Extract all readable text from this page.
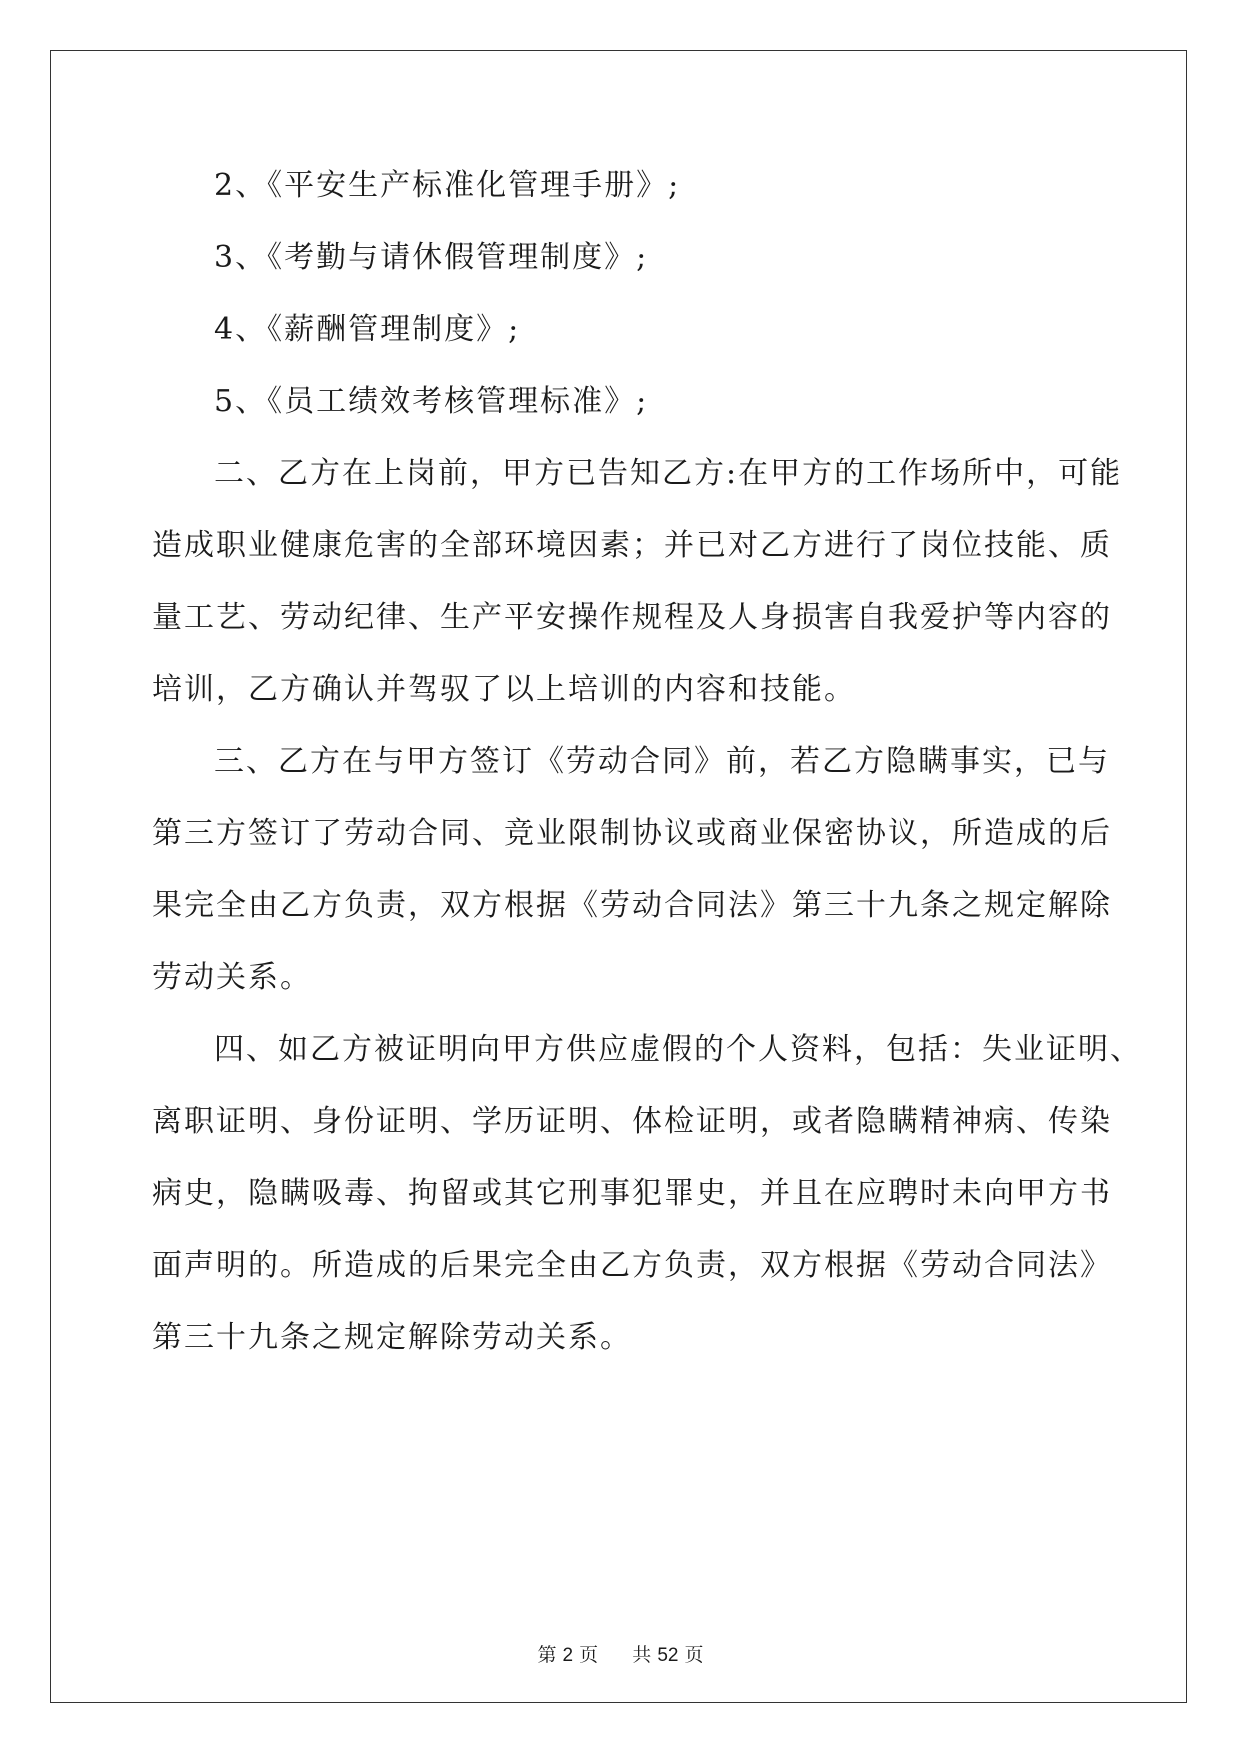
2、《平安生产标准化管理手册》;
3、《考勤与请休假管理制度》;
4、《薪酬管理制度》;
5、《员工绩效考核管理标准》;
二、乙方在上岗前，甲方已告知乙方:在甲方的工作场所中，可能
造成职业健康危害的全部环境因素；并已对乙方进行了岗位技能、质
量工艺、劳动纪律、生产平安操作规程及人身损害自我爱护等内容的
培训，乙方确认并驾驭了以上培训的内容和技能。
三、乙方在与甲方签订《劳动合同》前，若乙方隐瞒事实，已与
第三方签订了劳动合同、竞业限制协议或商业保密协议，所造成的后
果完全由乙方负责，双方根据《劳动合同法》第三十九条之规定解除
劳动关系。
四、如乙方被证明向甲方供应虚假的个人资料，包括：失业证明、
离职证明、身份证明、学历证明、体检证明，或者隐瞒精神病、传染
病史，隐瞒吸毒、拘留或其它刑事犯罪史，并且在应聘时未向甲方书
面声明的。所造成的后果完全由乙方负责，双方根据《劳动合同法》
第三十九条之规定解除劳动关系。
第 2 页 共 52 页
